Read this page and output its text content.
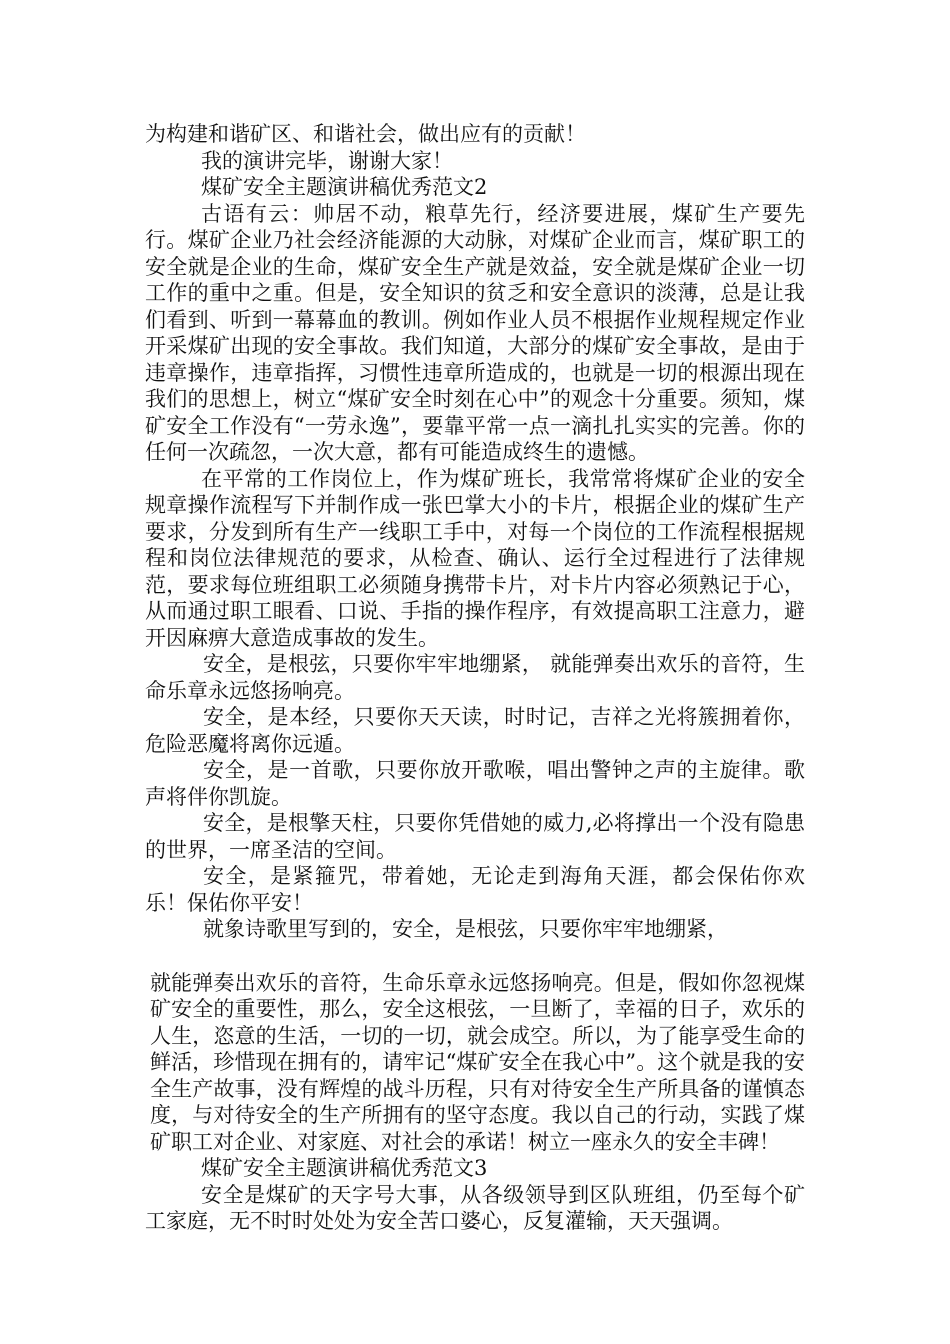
为构建和谐矿区、和谐社会，做出应有的贡献！

我的演讲完毕，谢谢大家！

煤矿安全主题演讲稿优秀范文2

古语有云：帅居不动，粮草先行，经济要进展，煤矿生产要先行。煤矿企业乃社会经济能源的大动脉，对煤矿企业而言，煤矿职工的安全就是企业的生命，煤矿安全生产就是效益，安全就是煤矿企业一切工作的重中之重。但是，安全知识的贫乏和安全意识的淡薄，总是让我们看到、听到一幕幕血的教训。例如作业人员不根据作业规程规定作业开采煤矿出现的安全事故。我们知道，大部分的煤矿安全事故，是由于违章操作，违章指挥，习惯性违章所造成的，也就是一切的根源出现在我们的思想上，树立“煤矿安全时刻在心中”的观念十分重要。须知，煤矿安全工作没有“一劳永逸”，要靠平常一点一滴扎扎实实的完善。你的任何一次疏忽，一次大意，都有可能造成终生的遗憾。

在平常的工作岗位上，作为煤矿班长，我常常将煤矿企业的安全规章操作流程写下并制作成一张巴掌大小的卡片，根据企业的煤矿生产要求，分发到所有生产一线职工手中，对每一个岗位的工作流程根据规程和岗位法律规范的要求，从检查、确认、运行全过程进行了法律规范，要求每位班组职工必须随身携带卡片，对卡片内容必须熟记于心，从而通过职工眼看、口说、手指的操作程序，有效提高职工注意力，避开因麻痹大意造成事故的发生。

安全，是根弦，只要你牢牢地绷紧， 就能弹奏出欢乐的音符，生命乐章永远悠扬响亮。

安全，是本经，只要你天天读，时时记，吉祥之光将簇拥着你，危险恶魔将离你远遁。

安全，是一首歌，只要你放开歌喉，唱出警钟之声的主旋律。歌声将伴你凯旋。

安全，是根擎天柱，只要你凭借她的威力,必将撑出一个没有隐患的世界，一席圣洁的空间。

安全，是紧箍咒，带着她，无论走到海角天涯，都会保佑你欢乐！保佑你平安！

就象诗歌里写到的，安全，是根弦，只要你牢牢地绷紧，

就能弹奏出欢乐的音符，生命乐章永远悠扬响亮。但是，假如你忽视煤矿安全的重要性，那么，安全这根弦，一旦断了，幸福的日子，欢乐的人生，恣意的生活，一切的一切，就会成空。所以，为了能享受生命的鲜活，珍惜现在拥有的，请牢记“煤矿安全在我心中”。这个就是我的安全生产故事，没有辉煌的战斗历程，只有对待安全生产所具备的谨慎态度，与对待安全的生产所拥有的坚守态度。我以自己的行动，实践了煤矿职工对企业、对家庭、对社会的承诺！树立一座永久的安全丰碑！

煤矿安全主题演讲稿优秀范文3

安全是煤矿的天字号大事，从各级领导到区队班组，仍至每个矿工家庭，无不时时处处为安全苦口婆心，反复灌输，天天强调。
